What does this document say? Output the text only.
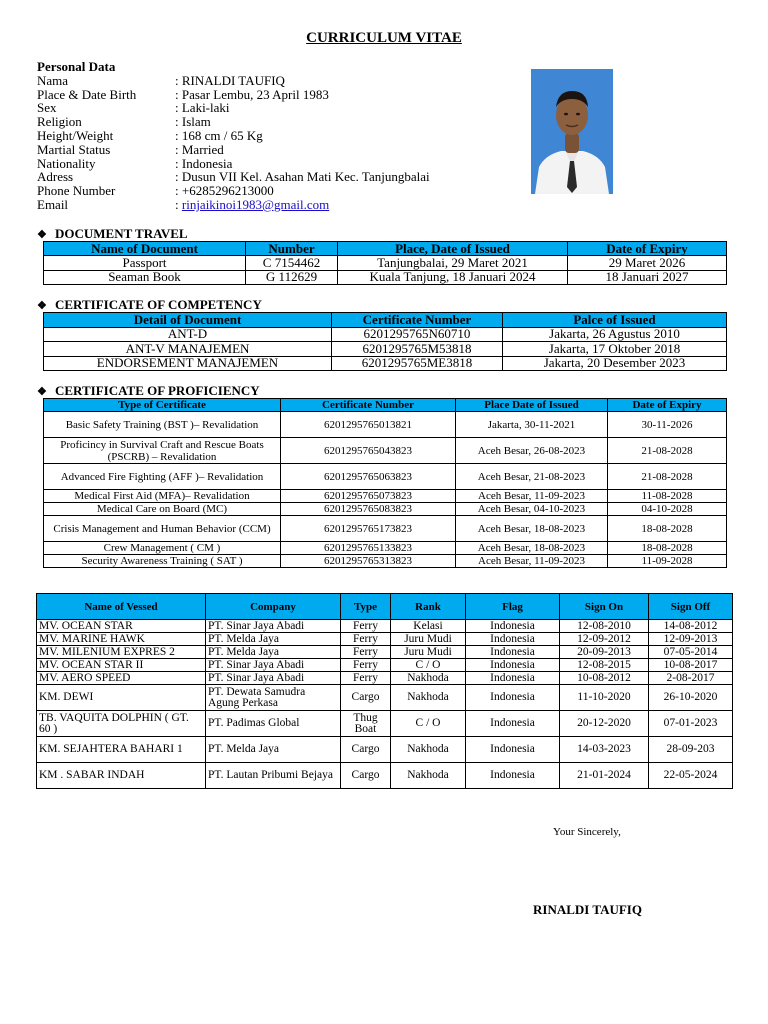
CURRICULUM VITAE
Personal Data
Nama	: RINALDI TAUFIQ
Place & Date Birth	: Pasar Lembu, 23 April 1983
Sex	: Laki-laki
Religion	: Islam
Height/Weight	: 168 cm / 65 Kg
Martial Status	: Married
Nationality	: Indonesia
Adress	: Dusun VII Kel. Asahan Mati Kec. Tanjungbalai
Phone Number	: +6285296213000
Email	: rinjaikinoi1983@gmail.com
❖ DOCUMENT TRAVEL
Name of Document	Number	Place, Date of Issued	Date of Expiry
Passport	C 7154462	Tanjungbalai, 29 Maret 2021	29 Maret 2026
Seaman Book	G 112629	Kuala Tanjung, 18 Januari 2024	18 Januari 2027
❖ CERTIFICATE OF COMPETENCY
Detail of Document	Certificate Number	Palce of Issued
ANT-D	6201295765N60710	Jakarta, 26 Agustus 2010
ANT-V MANAJEMEN	6201295765M53818	Jakarta, 17 Oktober 2018
ENDORSEMENT MANAJEMEN	6201295765ME3818	Jakarta, 20 Desember 2023
❖ CERTIFICATE OF PROFICIENCY
Type of Certificate	Certificate Number	Place Date of Issued	Date of Expiry
Basic Safety Training (BST )– Revalidation	6201295765013821	Jakarta, 30-11-2021	30-11-2026
Proficincy in Survival Craft and Rescue Boats (PSCRB) – Revalidation	6201295765043823	Aceh Besar, 26-08-2023	21-08-2028
Advanced Fire Fighting (AFF )– Revalidation	6201295765063823	Aceh Besar, 21-08-2023	21-08-2028
Medical First Aid (MFA)– Revalidation	6201295765073823	Aceh Besar, 11-09-2023	11-08-2028
Medical Care on Board (MC)	6201295765083823	Aceh Besar, 04-10-2023	04-10-2028
Crisis Management and Human Behavior (CCM)	6201295765173823	Aceh Besar, 18-08-2023	18-08-2028
Crew Management ( CM )	6201295765133823	Aceh Besar, 18-08-2023	18-08-2028
Security Awareness Training ( SAT )	6201295765313823	Aceh Besar, 11-09-2023	11-09-2028
Name of Vessed	Company	Type	Rank	Flag	Sign On	Sign Off
MV. OCEAN STAR	PT. Sinar Jaya Abadi	Ferry	Kelasi	Indonesia	12-08-2010	14-08-2012
MV. MARINE HAWK	PT. Melda Jaya	Ferry	Juru Mudi	Indonesia	12-09-2012	12-09-2013
MV. MILENIUM EXPRES 2	PT. Melda Jaya	Ferry	Juru Mudi	Indonesia	20-09-2013	07-05-2014
MV. OCEAN STAR II	PT. Sinar Jaya Abadi	Ferry	C / O	Indonesia	12-08-2015	10-08-2017
MV. AERO SPEED	PT. Sinar Jaya Abadi	Ferry	Nakhoda	Indonesia	10-08-2012	2-08-2017
KM. DEWI	PT. Dewata Samudra Agung Perkasa	Cargo	Nakhoda	Indonesia	11-10-2020	26-10-2020
TB. VAQUITA DOLPHIN ( GT. 60 )	PT. Padimas Global	Thug Boat	C / O	Indonesia	20-12-2020	07-01-2023
KM. SEJAHTERA BAHARI 1	PT. Melda Jaya	Cargo	Nakhoda	Indonesia	14-03-2023	28-09-203
KM . SABAR INDAH	PT. Lautan Pribumi Bejaya	Cargo	Nakhoda	Indonesia	21-01-2024	22-05-2024
Your Sincerely,
RINALDI TAUFIQ
